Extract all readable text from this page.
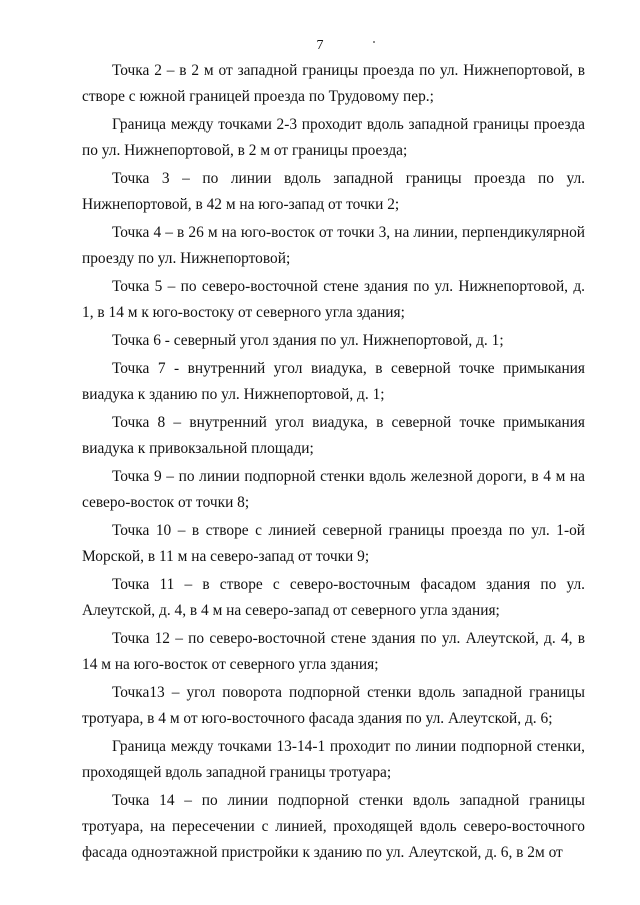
7

Точка 2 – в 2 м от западной границы проезда по ул. Нижнепортовой, в створе с южной границей проезда по Трудовому пер.;

Граница между точками 2-3 проходит вдоль западной границы проезда по ул. Нижнепортовой, в 2 м от границы проезда;

Точка 3 – по линии вдоль западной границы проезда по ул. Нижнепортовой, в 42 м на юго-запад от точки 2;

Точка 4 – в 26 м на юго-восток от точки 3, на линии, перпендикулярной проезду по ул. Нижнепортовой;

Точка 5 – по северо-восточной стене здания по ул. Нижнепортовой, д. 1, в 14 м к юго-востоку от северного угла здания;

Точка 6 - северный угол здания по ул. Нижнепортовой, д. 1;

Точка 7 - внутренний угол виадука, в северной точке примыкания виадука к зданию по ул. Нижнепортовой, д. 1;

Точка 8 – внутренний угол виадука, в северной точке примыкания виадука к привокзальной площади;

Точка 9 – по линии подпорной стенки вдоль железной дороги, в 4 м на северо-восток от точки 8;

Точка 10 – в створе с линией северной границы проезда по ул. 1-ой Морской, в 11 м на северо-запад от точки 9;

Точка 11 – в створе с северо-восточным фасадом здания по ул. Алеутской, д. 4, в 4 м на северо-запад от северного угла здания;

Точка 12 – по северо-восточной стене здания по ул. Алеутской, д. 4, в 14 м на юго-восток от северного угла здания;

Точка13 – угол поворота подпорной стенки вдоль западной границы тротуара, в 4 м от юго-восточного фасада здания по ул. Алеутской, д. 6;

Граница между точками 13-14-1 проходит по линии подпорной стенки, проходящей вдоль западной границы тротуара;

Точка 14 – по линии подпорной стенки вдоль западной границы тротуара, на пересечении с линией, проходящей вдоль северо-восточного фасада одноэтажной пристройки к зданию по ул. Алеутской, д. 6, в 2м от
